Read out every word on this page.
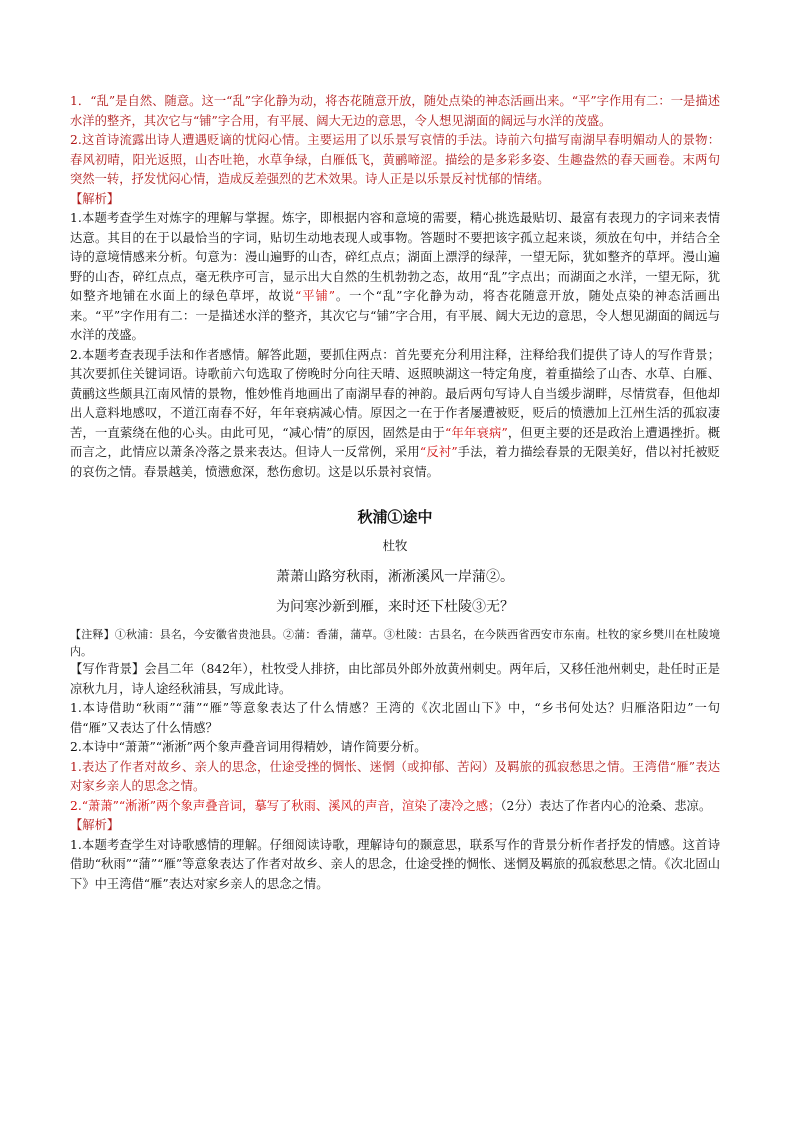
1．“乱”是自然、随意。这一“乱”字化静为动，将杏花随意开放，随处点染的神态活画出来。“平”字作用有二：一是描述水洋的整齐，其次它与“铺”字合用，有平展、阔大无边的意思，令人想见湖面的阔远与水洋的茂盛。

2.这首诗流露出诗人遭遇贬谪的忧闷心情。主要运用了以乐景写哀情的手法。诗前六句描写南湖早春明媚动人的景物：春风初晴，阳光返照，山杏吐艳，水草争绿，白雁低飞，黄鹂啼涩。描绘的是多彩多姿、生趣盎然的春天画卷。末两句突然一转，抒发忧闷心情，造成反差强烈的艺术效果。诗人正是以乐景反衬忧郁的情绪。

【解析】

1.本题考查学生对炼字的理解与掌握。炼字，即根据内容和意境的需要，精心挑选最贴切、最富有表现力的字词来表情达意。其目的在于以最恰当的字词，贴切生动地表现人或事物。答题时不要把该字孤立起来谈，须放在句中，并结合全诗的意境情感来分析。句意为：漫山遍野的山杏，碎红点点；湖面上漂浮的绿萍，一望无际，犹如整齐的草坪。漫山遍野的山杏，碎红点点，毫无秩序可言，显示出大自然的生机勃勃之态，故用“乱”字点出；而湖面之水洋，一望无际，犹如整齐地铺在水面上的绿色草坪，故说“平铺”。一个“乱”字化静为动，将杏花随意开放，随处点染的神态活画出来。“平”字作用有二：一是描述水洋的整齐，其次它与“铺”字合用，有平展、阔大无边的意思，令人想见湖面的阔远与水洋的茂盛。

2.本题考查表现手法和作者感情。解答此题，要抓住两点：首先要充分利用注释，注释给我们提供了诗人的写作背景；其次要抓住关键词语。诗歌前六句选取了傍晚时分向往天晴、返照映湖这一特定角度，着重描绘了山杏、水草、白雁、黄鹂这些颇具江南风情的景物，惟妙惟肖地画出了南湖早春的神韵。最后两句写诗人自当缓步湖畔，尽情赏春，但他却出人意料地感叹，不道江南春不好，年年衰病减心情。原因之一在于作者屡遭被贬，贬后的愤懑加上江州生活的孤寂凄苦，一直萦绕在他的心头。由此可见，“减心情”的原因，固然是由于“年年衰病”，但更主要的还是政治上遭遇挫折。概而言之，此情应以萧条冷落之景来表达。但诗人一反常例，采用“反衬”手法，着力描绘春景的无限美好，借以衬托被贬的哀伤之情。春景越美，愤懑愈深，愁伤愈切。这是以乐景衬哀情。

秋浦①途中
杜牧
萧萧山路穷秋雨，淅淅溪风一岸蒲②。
为问寒沙新到雁，来时还下杜陵③无？

【注释】①秋浦：县名，今安徽省贵池县。②蒲：香蒲，蒲草。③杜陵：古县名，在今陕西省西安市东南。杜牧的家乡樊川在杜陵境内。

【写作背景】会昌二年（842年），杜牧受人排挤，由比部员外郎外放黄州刺史。两年后，又移任池州刺史，赴任时正是凉秋九月，诗人途经秋浦县，写成此诗。

1.本诗借助“秋雨”“蒲”“雁”等意象表达了什么情感？王湾的《次北固山下》中，“乡书何处达？归雁洛阳边”一句借“雁”又表达了什么情感？

2.本诗中“萧萧”“淅淅”两个象声叠音词用得精妙，请作简要分析。

1.表达了作者对故乡、亲人的思念，仕途受挫的惆怅、迷惘（或抑郁、苦闷）及羁旅的孤寂愁思之情。王湾借“雁”表达对家乡亲人的思念之情。

2.“萧萧”“淅淅”两个象声叠音词，摹写了秋雨、溪风的声音，渲染了凄冷之感；（2分）表达了作者内心的沧桑、悲凉。

【解析】

1.本题考查学生对诗歌感情的理解。仔细阅读诗歌，理解诗句的颞意思，联系写作的背景分析作者抒发的情感。这首诗借助“秋雨”“蒲”“雁”等意象表达了作者对故乡、亲人的思念，仕途受挫的惆怅、迷惘及羁旅的孤寂愁思之情。《次北固山下》中王湾借“雁”表达对家乡亲人的思念之情。
